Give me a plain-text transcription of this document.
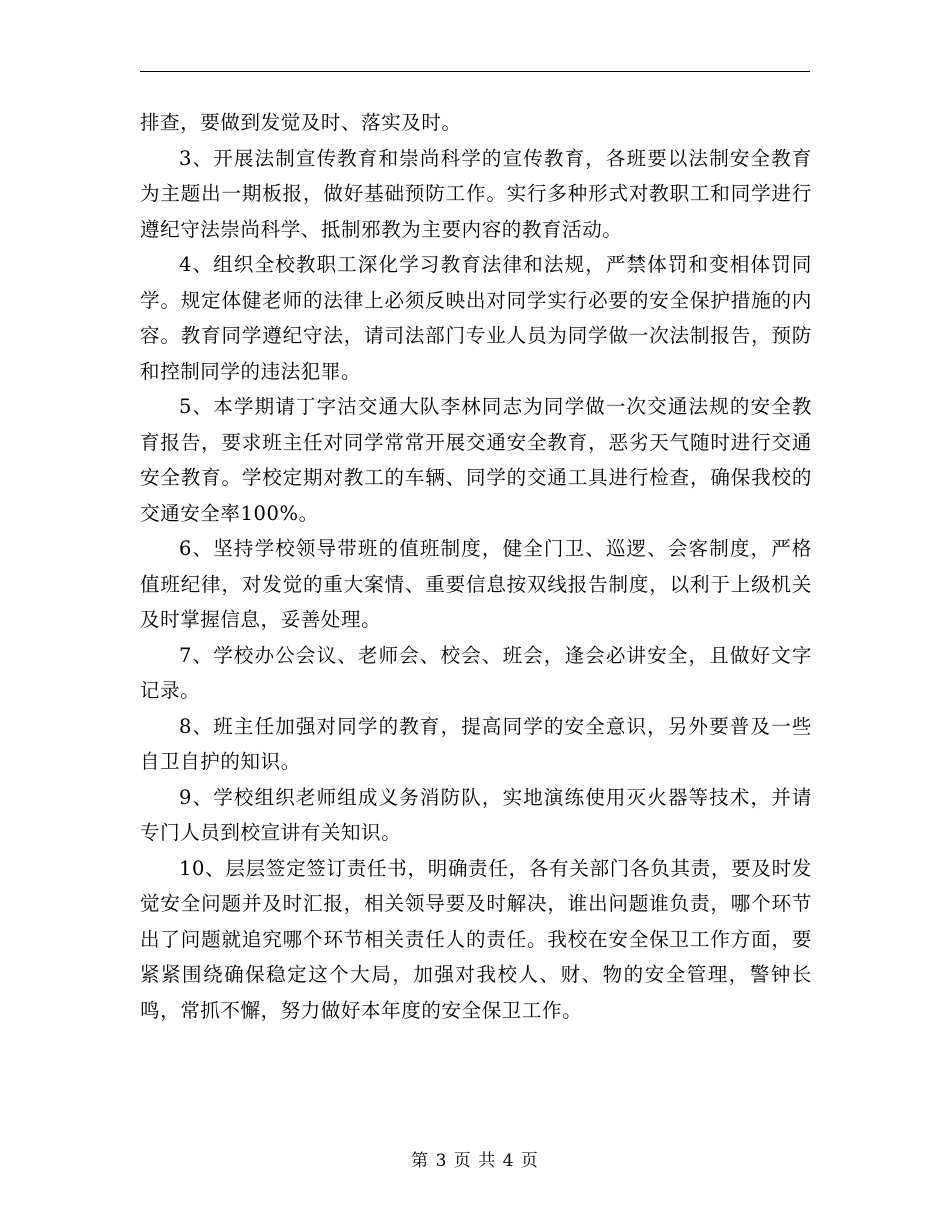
排查，要做到发觉及时、落实及时。

3、开展法制宣传教育和崇尚科学的宣传教育，各班要以法制安全教育为主题出一期板报，做好基础预防工作。实行多种形式对教职工和同学进行遵纪守法崇尚科学、抵制邪教为主要内容的教育活动。

4、组织全校教职工深化学习教育法律和法规，严禁体罚和变相体罚同学。规定体健老师的法律上必须反映出对同学实行必要的安全保护措施的内容。教育同学遵纪守法，请司法部门专业人员为同学做一次法制报告，预防和控制同学的违法犯罪。

5、本学期请丁字沽交通大队李林同志为同学做一次交通法规的安全教育报告，要求班主任对同学常常开展交通安全教育，恶劣天气随时进行交通安全教育。学校定期对教工的车辆、同学的交通工具进行检查，确保我校的交通安全率100%。

6、坚持学校领导带班的值班制度，健全门卫、巡逻、会客制度，严格值班纪律，对发觉的重大案情、重要信息按双线报告制度，以利于上级机关及时掌握信息，妥善处理。

7、学校办公会议、老师会、校会、班会，逢会必讲安全，且做好文字记录。

8、班主任加强对同学的教育，提高同学的安全意识，另外要普及一些自卫自护的知识。

9、学校组织老师组成义务消防队，实地演练使用灭火器等技术，并请专门人员到校宣讲有关知识。

10、层层签定签订责任书，明确责任，各有关部门各负其责，要及时发觉安全问题并及时汇报，相关领导要及时解决，谁出问题谁负责，哪个环节出了问题就追究哪个环节相关责任人的责任。我校在安全保卫工作方面，要紧紧围绕确保稳定这个大局，加强对我校人、财、物的安全管理，警钟长鸣，常抓不懈，努力做好本年度的安全保卫工作。

第 3 页 共 4 页
